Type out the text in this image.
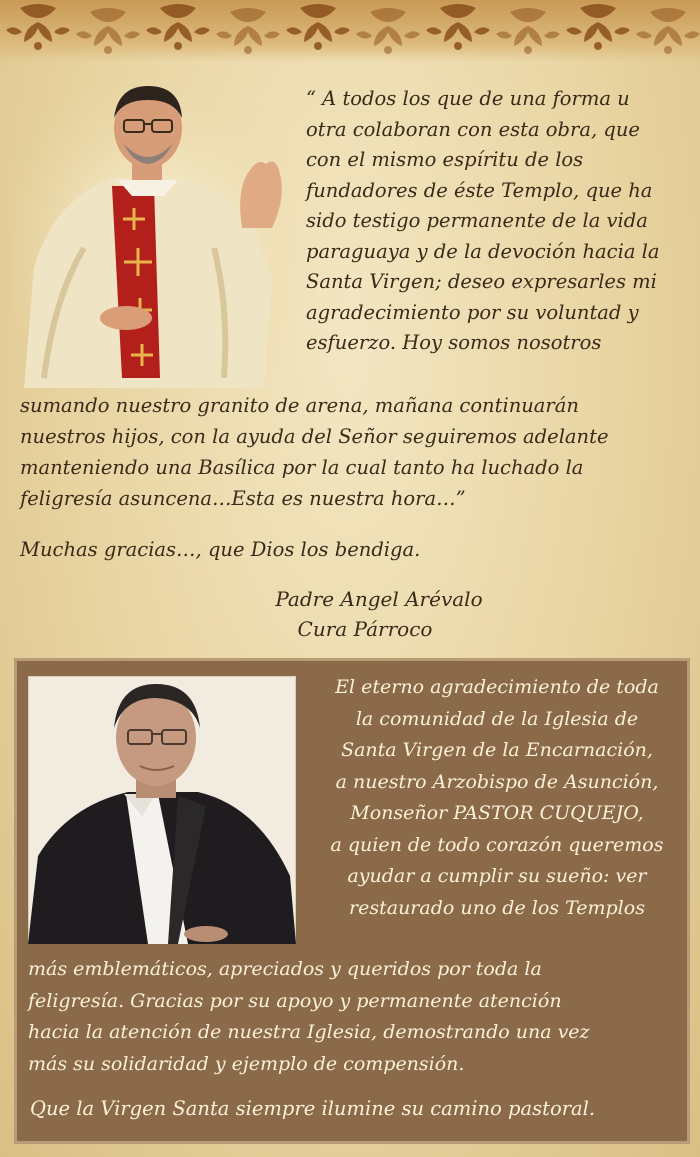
“ A todos los que de una forma u
otra colaboran con esta obra, que
con el mismo espíritu de los
fundadores de éste Templo, que ha
sido testigo permanente de la vida
paraguaya y de la devoción hacia la
Santa Virgen; deseo expresarles mi
agradecimiento por su voluntad y
esfuerzo. Hoy somos nosotros

sumando nuestro granito de arena, mañana continuarán
nuestros hijos, con la ayuda del Señor seguiremos adelante
manteniendo una Basílica por la cual tanto ha luchado la
feligresía asuncena…Esta es nuestra hora…”

Muchas gracias…, que Dios los bendiga.

Padre Angel Arévalo
Cura Párroco

El eterno agradecimiento de toda
la comunidad de la Iglesia de
Santa Virgen de la Encarnación,
a nuestro Arzobispo de Asunción,
Monseñor PASTOR CUQUEJO,
a quien de todo corazón queremos
ayudar a cumplir su sueño: ver
restaurado uno de los Templos

más emblemáticos, apreciados y queridos por toda la
feligresía. Gracias por su apoyo y permanente atención
hacia la atención de nuestra Iglesia, demostrando una vez
más su solidaridad y ejemplo de compensión.

Que la Virgen Santa siempre ilumine su camino pastoral.
